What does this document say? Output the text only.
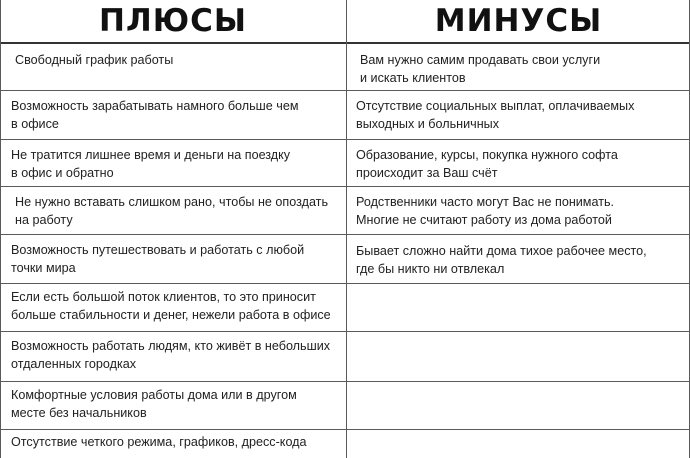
ПЛЮСЫ	МИНУСЫ
Свободный график работы
Возможность зарабатывать намного больше чем
в офисе
Не тратится лишнее время и деньги на поездку
в офис и обратно
Не нужно вставать слишком рано, чтобы не опоздать
на работу
Возможность путешествовать и работать с любой
точки мира
Если есть большой поток клиентов, то это приносит
больше стабильности и денег, нежели работа в офисе
Возможность работать людям, кто живёт в небольших
отдаленных городках
Комфортные условия работы дома или в другом
месте без начальников
Отсутствие четкого режима, графиков, дресс-кода
Вам нужно самим продавать свои услуги
и искать клиентов
Отсутствие социальных выплат, оплачиваемых
выходных и больничных
Образование, курсы, покупка нужного софта
происходит за Ваш счёт
Родственники часто могут Вас не понимать.
Многие не считают работу из дома работой
Бывает сложно найти дома тихое рабочее место,
где бы никто ни отвлекал
